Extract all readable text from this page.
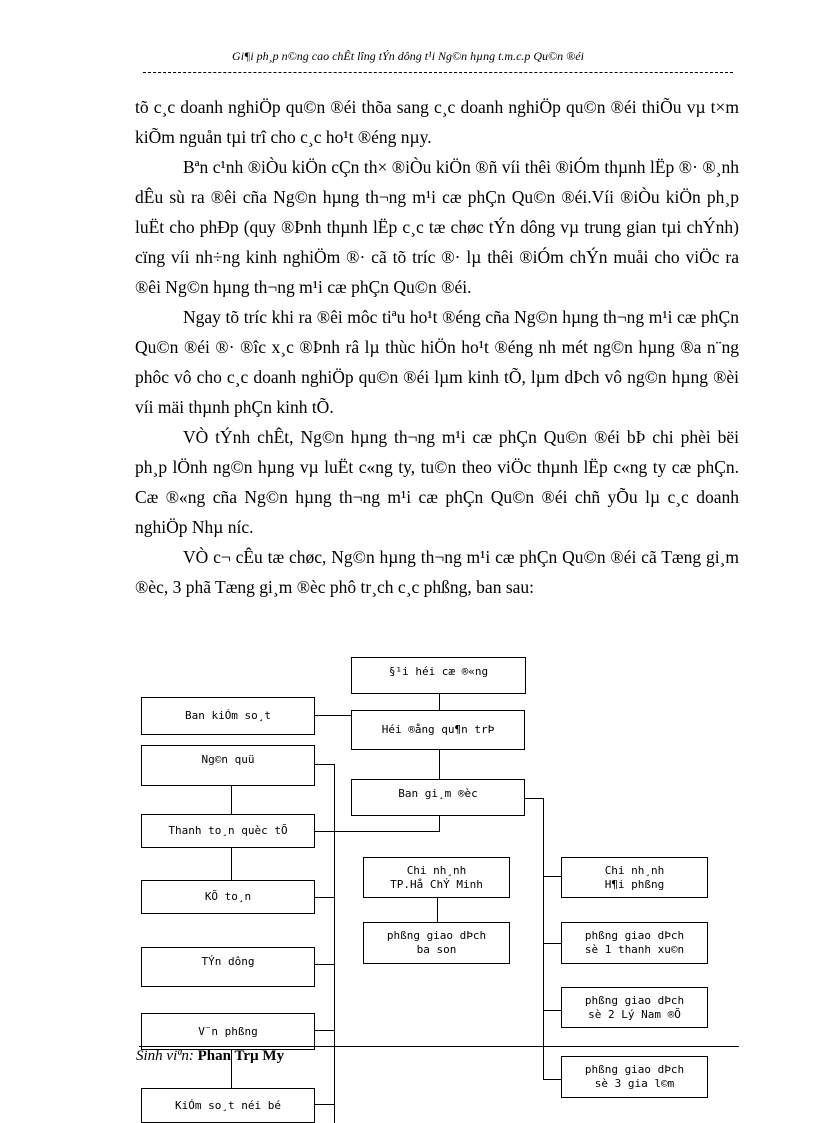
Gi¶i ph¸p n©ng cao chÊt lîng tÝn dông t¹i Ng©n hµng t.m.c.p Qu©n ®éi

tõ c¸c doanh nghiÖp qu©n ®éi thõa sang c¸c doanh nghiÖp qu©n ®éi thiÕu vµ t×m kiÕm nguån tµi trî cho c¸c ho¹t ®éng nµy.

Bªn c¹nh ®iÒu kiÖn cÇn th× ®iÒu kiÖn ®ñ víi thêi ®iÓm thµnh lËp ®· ®¸nh dÊu sù ra ®êi cña Ng©n hµng th¬ng m¹i cæ phÇn Qu©n ®éi.Víi ®iÒu kiÖn ph¸p luËt cho phÐp (quy ®Þnh thµnh lËp c¸c tæ chøc tÝn dông vµ trung gian tµi chÝnh) cïng víi nh÷ng kinh nghiÖm ®· cã tõ tríc ®· lµ thêi ®iÓm chÝn muåi cho viÖc ra ®êi Ng©n hµng th¬ng m¹i cæ phÇn Qu©n ®éi.

Ngay tõ tríc khi ra ®êi môc tiªu ho¹t ®éng cña Ng©n hµng th¬ng m¹i cæ phÇn Qu©n ®éi ®· ®îc x¸c ®Þnh râ lµ thùc hiÖn ho¹t ®éng nh mét ng©n hµng ®a n¨ng phôc vô cho c¸c doanh nghiÖp qu©n ®éi lµm kinh tÕ, lµm dÞch vô ng©n hµng ®èi víi mäi thµnh phÇn kinh tÕ.

VÒ tÝnh chÊt, Ng©n hµng th¬ng m¹i cæ phÇn Qu©n ®éi bÞ chi phèi bëi ph¸p lÖnh ng©n hµng vµ luËt c«ng ty, tu©n theo viÖc thµnh lËp c«ng ty cæ phÇn. Cæ ®«ng cña Ng©n hµng th¬ng m¹i cæ phÇn Qu©n ®éi chñ yÕu lµ c¸c doanh nghiÖp Nhµ níc.

VÒ c¬ cÊu tæ chøc, Ng©n hµng th¬ng m¹i cæ phÇn Qu©n ®éi cã Tæng gi¸m ®èc, 3 phã Tæng gi¸m ®èc phô tr¸ch c¸c phßng, ban sau:

§¹i héi cæ ®«ng
Ban kiÓm so¸t
Héi ®ång qu¶n trÞ
Ng©n quü
Ban gi¸m ®èc
Thanh to¸n quèc tÕ
Chi nh¸nh
TP.Hå ChÝ Minh
Chi nh¸nh
H¶i phßng
KÕ to¸n
phßng giao dÞch
ba son
phßng giao dÞch
sè 1 thanh xu©n
TÝn dông
phßng giao dÞch
sè 2 Lý Nam ®Õ
V¨n phßng
phßng giao dÞch
sè 3 gia l©m
KiÓm so¸t néi bé
Sinh viªn: Phan Trµ My
